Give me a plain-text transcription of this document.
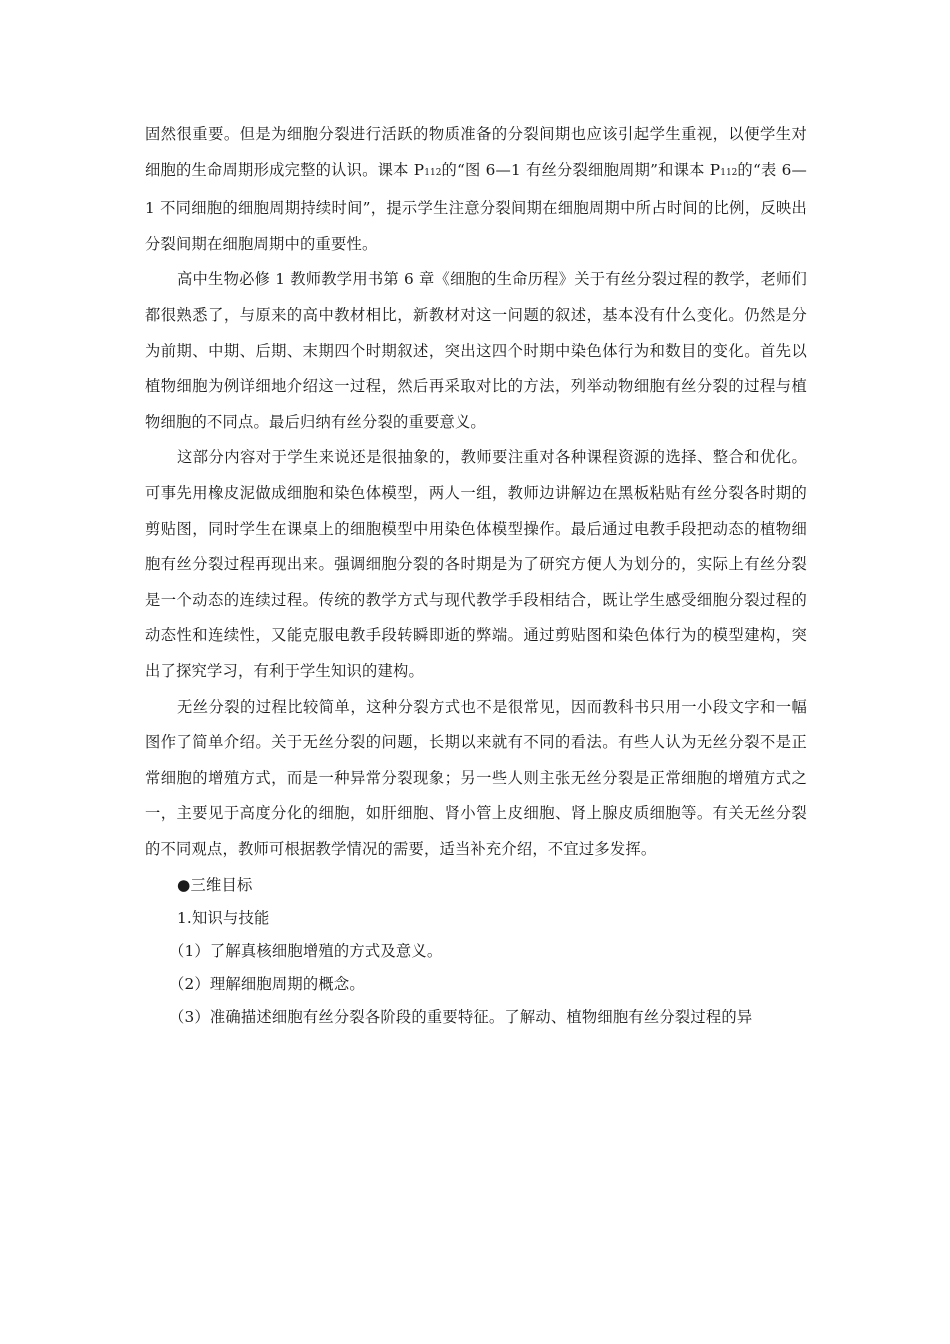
固然很重要。但是为细胞分裂进行活跃的物质准备的分裂间期也应该引起学生重视，以便学生对细胞的生命周期形成完整的认识。课本 P112的“图 6—1 有丝分裂细胞周期”和课本 P112的“表 6—1 不同细胞的细胞周期持续时间”，提示学生注意分裂间期在细胞周期中所占时间的比例，反映出分裂间期在细胞周期中的重要性。

高中生物必修 1 教师教学用书第 6 章《细胞的生命历程》关于有丝分裂过程的教学，老师们都很熟悉了，与原来的高中教材相比，新教材对这一问题的叙述，基本没有什么变化。仍然是分为前期、中期、后期、末期四个时期叙述，突出这四个时期中染色体行为和数目的变化。首先以植物细胞为例详细地介绍这一过程，然后再采取对比的方法，列举动物细胞有丝分裂的过程与植物细胞的不同点。最后归纳有丝分裂的重要意义。

这部分内容对于学生来说还是很抽象的，教师要注重对各种课程资源的选择、整合和优化。可事先用橡皮泥做成细胞和染色体模型，两人一组，教师边讲解边在黑板粘贴有丝分裂各时期的剪贴图，同时学生在课桌上的细胞模型中用染色体模型操作。最后通过电教手段把动态的植物细胞有丝分裂过程再现出来。强调细胞分裂的各时期是为了研究方便人为划分的，实际上有丝分裂是一个动态的连续过程。传统的教学方式与现代教学手段相结合，既让学生感受细胞分裂过程的动态性和连续性，又能克服电教手段转瞬即逝的弊端。通过剪贴图和染色体行为的模型建构，突出了探究学习，有利于学生知识的建构。

无丝分裂的过程比较简单，这种分裂方式也不是很常见，因而教科书只用一小段文字和一幅图作了简单介绍。关于无丝分裂的问题，长期以来就有不同的看法。有些人认为无丝分裂不是正常细胞的增殖方式，而是一种异常分裂现象；另一些人则主张无丝分裂是正常细胞的增殖方式之一，主要见于高度分化的细胞，如肝细胞、肾小管上皮细胞、肾上腺皮质细胞等。有关无丝分裂的不同观点，教师可根据教学情况的需要，适当补充介绍，不宜过多发挥。

●三维目标

1.知识与技能

（1）了解真核细胞增殖的方式及意义。

（2）理解细胞周期的概念。

（3）准确描述细胞有丝分裂各阶段的重要特征。了解动、植物细胞有丝分裂过程的异
